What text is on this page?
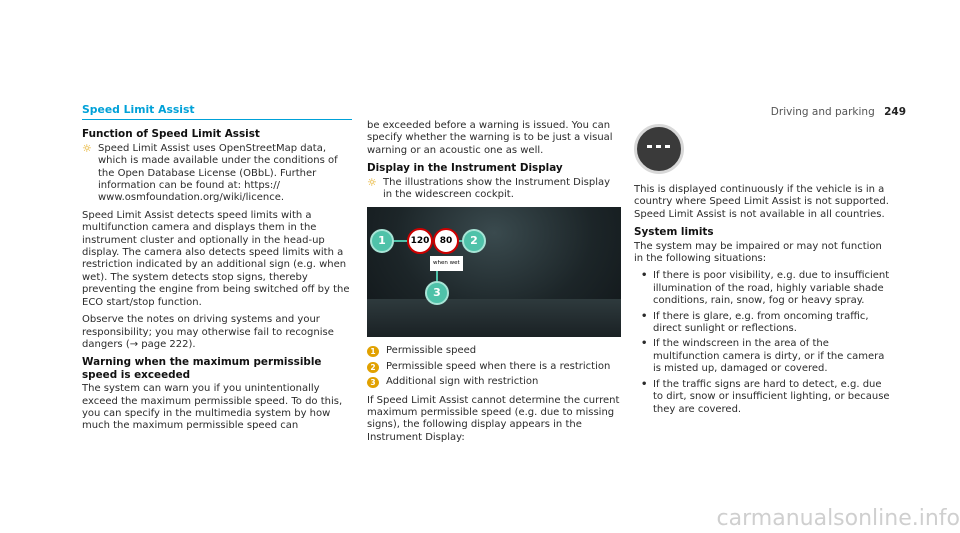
Driving and parking 249
Speed Limit Assist
Function of Speed Limit Assist
☼ Speed Limit Assist uses OpenStreetMap data, which is made available under the conditions of the Open Database License (OBbL). Further information can be found at: https:// www.osmfoundation.org/wiki/licence.

Speed Limit Assist detects speed limits with a multifunction camera and displays them in the instrument cluster and optionally in the head-up display. The camera also detects speed limits with a restriction indicated by an additional sign (e.g. when wet). The system detects stop signs, thereby preventing the engine from being switched off by the ECO start/stop function.

Observe the notes on driving systems and your responsibility; you may otherwise fail to recognise dangers (→ page 222).

Warning when the maximum permissible speed is exceeded

The system can warn you if you unintentionally exceed the maximum permissible speed. To do this, you can specify in the multimedia system by how much the maximum permissible speed can

be exceeded before a warning is issued. You can specify whether the warning is to be just a visual warning or an acoustic one as well.

Display in the Instrument Display
☼ The illustrations show the Instrument Display in the widescreen cockpit.
1	120	80
when wet
2
3
1	Permissible speed
2	Permissible speed when there is a restriction
3	Additional sign with restriction

If Speed Limit Assist cannot determine the current maximum permissible speed (e.g. due to missing signs), the following display appears in the Instrument Display:

This is displayed continuously if the vehicle is in a country where Speed Limit Assist is not supported. Speed Limit Assist is not available in all countries.

System limits

The system may be impaired or may not function in the following situations:

• If there is poor visibility, e.g. due to insufficient illumination of the road, highly variable shade conditions, rain, snow, fog or heavy spray.
• If there is glare, e.g. from oncoming traffic, direct sunlight or reflections.
• If the windscreen in the area of the multifunction camera is dirty, or if the camera is misted up, damaged or covered.
• If the traffic signs are hard to detect, e.g. due to dirt, snow or insufficient lighting, or because they are covered.
carmanualsonline.info
